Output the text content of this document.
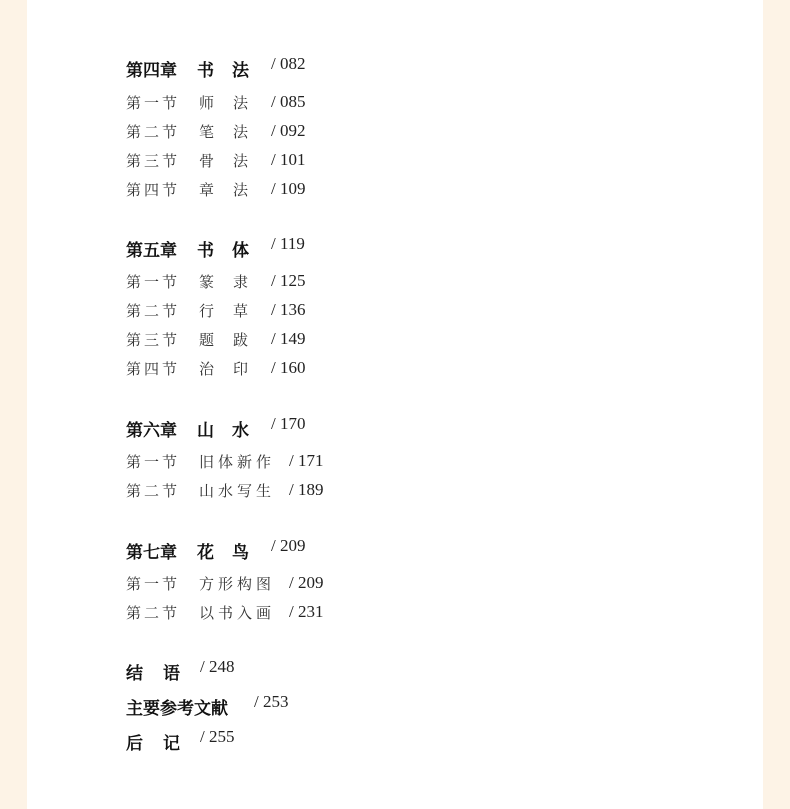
第四章 书法 / 082
第一节 师法 / 085
第二节 笔法 / 092
第三节 骨法 / 101
第四节 章法 / 109
第五章 书体 / 119
第一节 篆隶 / 125
第二节 行草 / 136
第三节 题跋 / 149
第四节 治印 / 160
第六章 山水 / 170
第一节 旧体新作 / 171
第二节 山水写生 / 189
第七章 花鸟 / 209
第一节 方形构图 / 209
第二节 以书入画 / 231
结语 / 248
主要参考文献 / 253
后记 / 255
